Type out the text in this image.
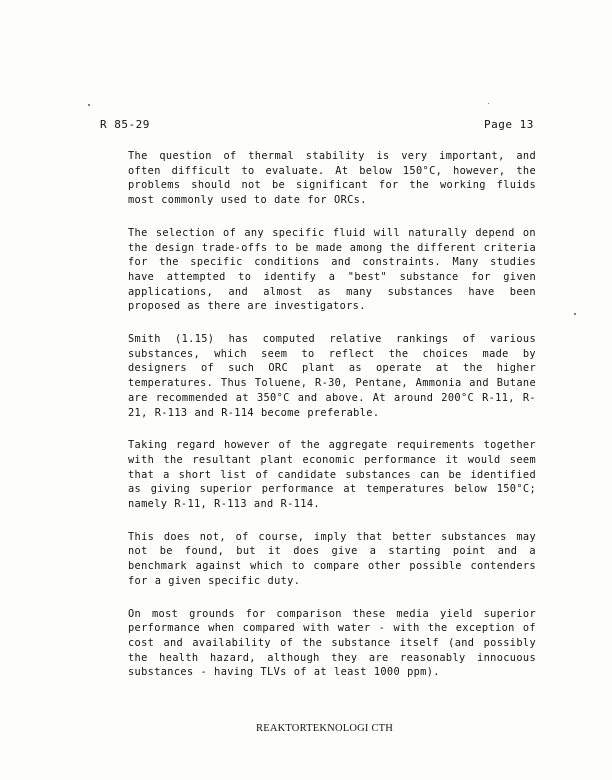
R 85-29	Page 13

The question of thermal stability is very important, and often difficult to evaluate. At below 150°C, however, the problems should not be significant for the working fluids most commonly used to date for ORCs.

The selection of any specific fluid will naturally depend on the design trade-offs to be made among the different criteria for the specific conditions and constraints. Many studies have attempted to identify a "best" substance for given applications, and almost as many substances have been proposed as there are investigators.

Smith (1.15) has computed relative rankings of various substances, which seem to reflect the choices made by designers of such ORC plant as operate at the higher temperatures. Thus Toluene, R-30, Pentane, Ammonia and Butane are recommended at 350°C and above. At around 200°C R-11, R-21, R-113 and R-114 become preferable.

Taking regard however of the aggregate requirements together with the resultant plant economic performance it would seem that a short list of candidate substances can be identified as giving superior performance at temperatures below 150°C; namely R-11, R-113 and R-114.

This does not, of course, imply that better substances may not be found, but it does give a starting point and a benchmark against which to compare other possible contenders for a given specific duty.

On most grounds for comparison these media yield superior performance when compared with water - with the exception of cost and availability of the substance itself (and possibly the health hazard, although they are reasonably innocuous substances - having TLVs of at least 1000 ppm).

REAKTORTEKNOLOGI CTH
